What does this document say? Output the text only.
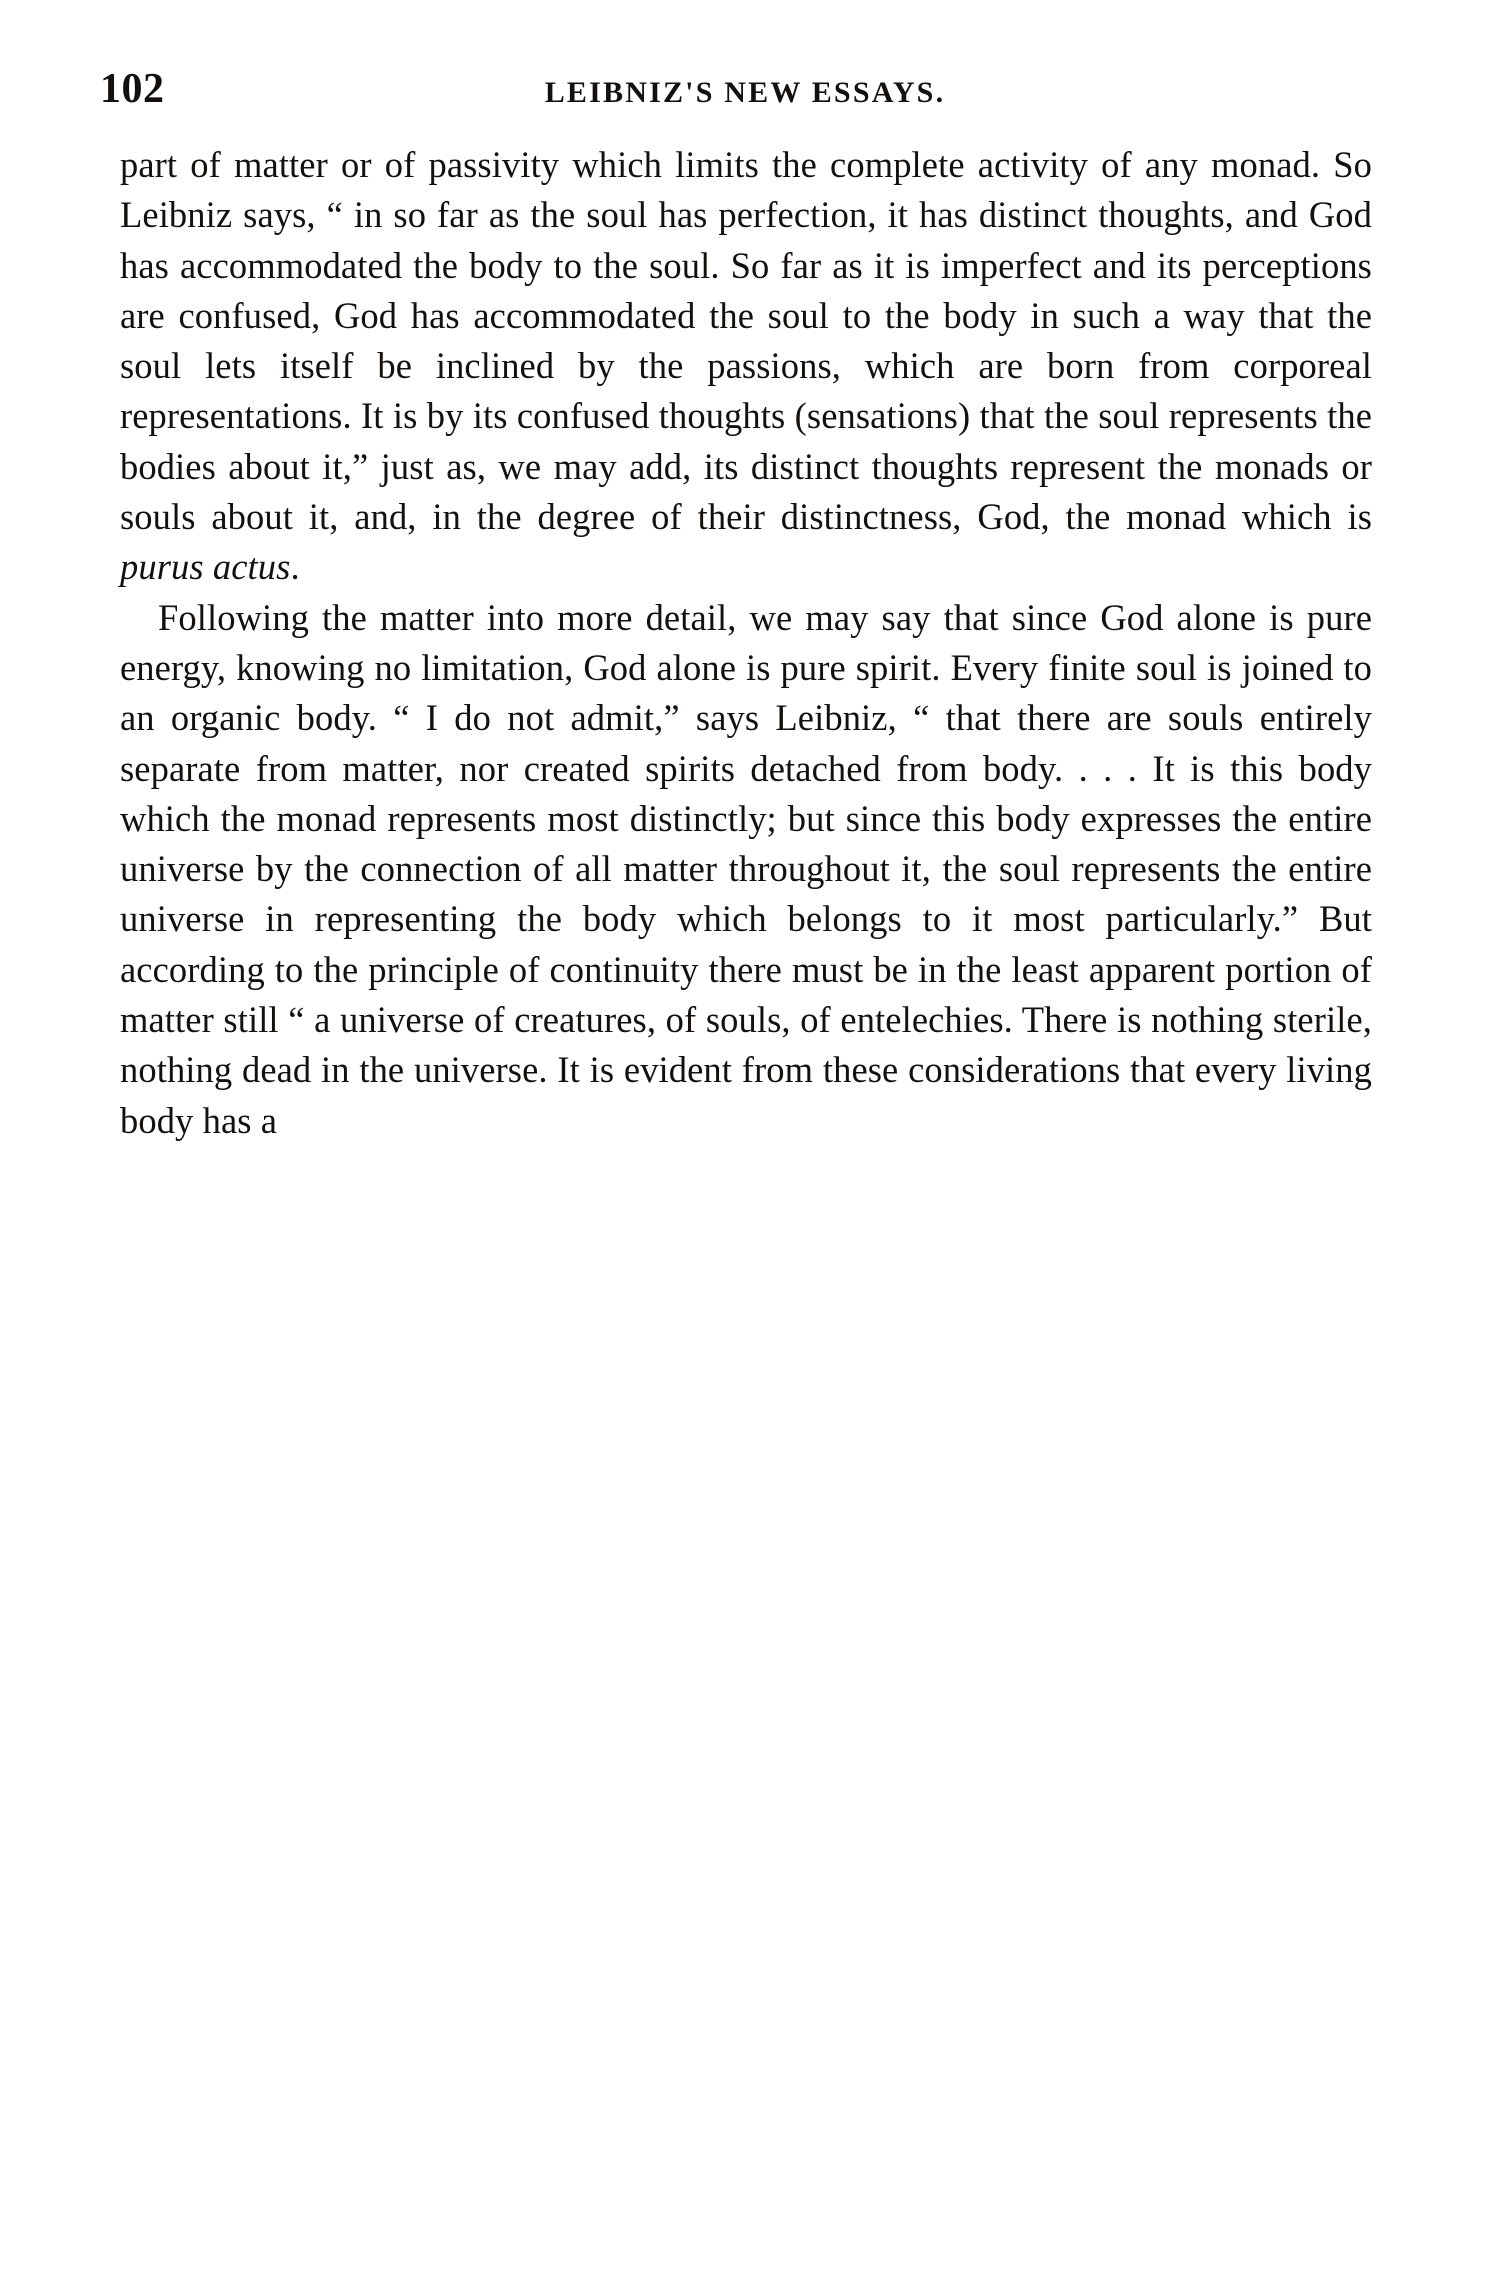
102	LEIBNIZ'S NEW ESSAYS.

part of matter or of passivity which limits the complete activity of any monad. So Leibniz says, “ in so far as the soul has perfection, it has distinct thoughts, and God has accommodated the body to the soul. So far as it is imperfect and its perceptions are confused, God has accommodated the soul to the body in such a way that the soul lets itself be inclined by the passions, which are born from corporeal representations. It is by its confused thoughts (sensations) that the soul represents the bodies about it,” just as, we may add, its distinct thoughts represent the monads or souls about it, and, in the degree of their distinctness, God, the monad which is purus actus.

Following the matter into more detail, we may say that since God alone is pure energy, knowing no limitation, God alone is pure spirit. Every finite soul is joined to an organic body. “ I do not admit,” says Leibniz, “ that there are souls entirely separate from matter, nor created spirits detached from body. . . . It is this body which the monad represents most distinctly; but since this body expresses the entire universe by the connection of all matter throughout it, the soul represents the entire universe in representing the body which belongs to it most particularly.” But according to the principle of continuity there must be in the least apparent portion of matter still “ a universe of creatures, of souls, of entelechies. There is nothing sterile, nothing dead in the universe. It is evident from these considerations that every living body has a
